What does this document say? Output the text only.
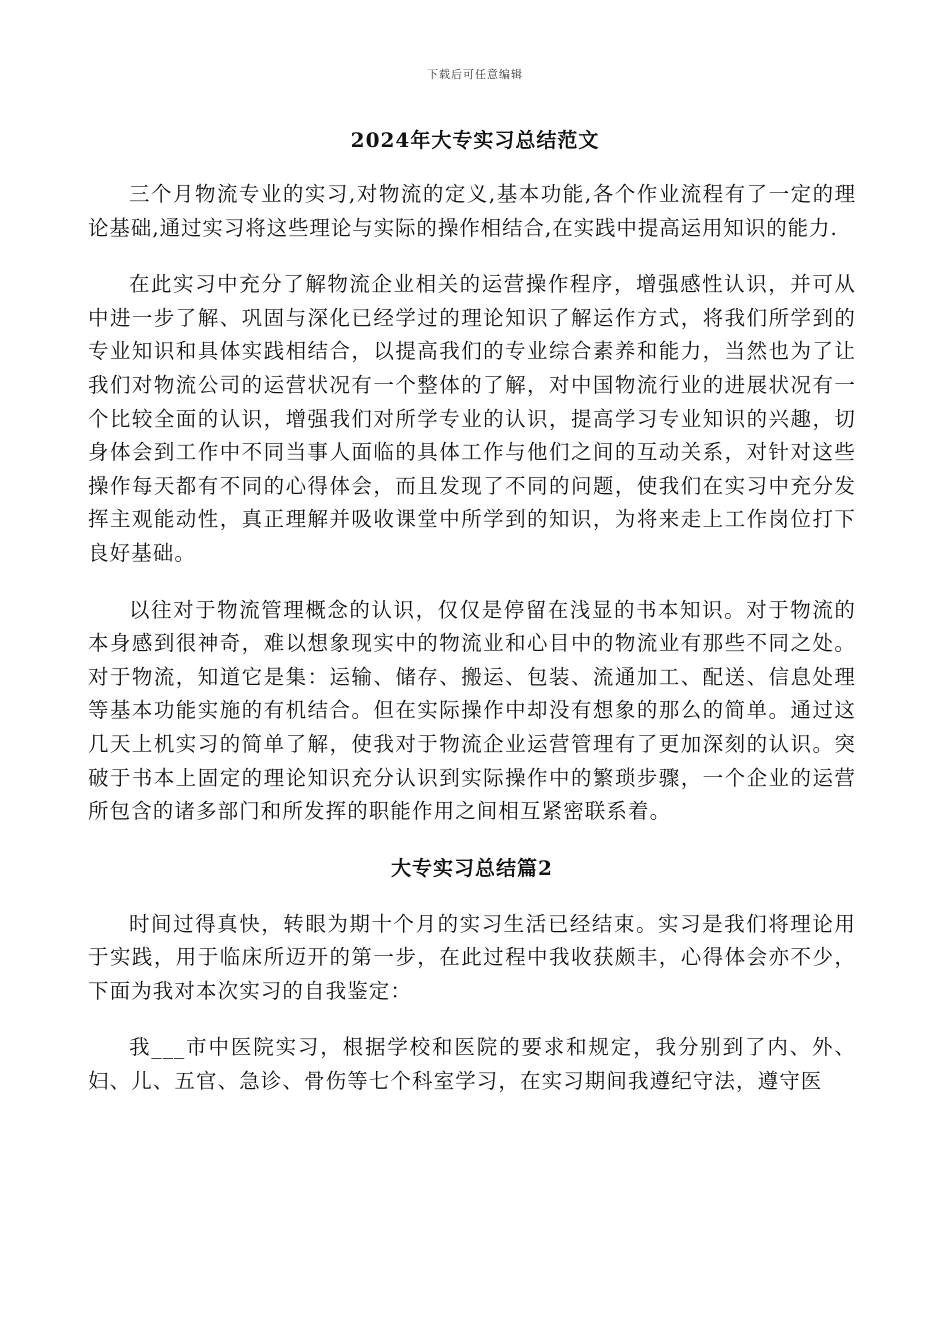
下载后可任意编辑
2024年大专实习总结范文

三个月物流专业的实习,对物流的定义,基本功能,各个作业流程有了一定的理论基础,通过实习将这些理论与实际的操作相结合,在实践中提高运用知识的能力.

在此实习中充分了解物流企业相关的运营操作程序，增强感性认识，并可从中进一步了解、巩固与深化已经学过的理论知识了解运作方式，将我们所学到的专业知识和具体实践相结合，以提高我们的专业综合素养和能力，当然也为了让我们对物流公司的运营状况有一个整体的了解，对中国物流行业的进展状况有一个比较全面的认识，增强我们对所学专业的认识，提高学习专业知识的兴趣，切身体会到工作中不同当事人面临的具体工作与他们之间的互动关系，对针对这些操作每天都有不同的心得体会，而且发现了不同的问题，使我们在实习中充分发挥主观能动性，真正理解并吸收课堂中所学到的知识，为将来走上工作岗位打下良好基础。

以往对于物流管理概念的认识，仅仅是停留在浅显的书本知识。对于物流的本身感到很神奇，难以想象现实中的物流业和心目中的物流业有那些不同之处。对于物流，知道它是集：运输、储存、搬运、包装、流通加工、配送、信息处理等基本功能实施的有机结合。但在实际操作中却没有想象的那么的简单。通过这几天上机实习的简单了解，使我对于物流企业运营管理有了更加深刻的认识。突破于书本上固定的理论知识充分认识到实际操作中的繁琐步骤，一个企业的运营所包含的诸多部门和所发挥的职能作用之间相互紧密联系着。

大专实习总结篇2

时间过得真快，转眼为期十个月的实习生活已经结束。实习是我们将理论用于实践，用于临床所迈开的第一步，在此过程中我收获颇丰，心得体会亦不少，下面为我对本次实习的自我鉴定：

我___市中医院实习，根据学校和医院的要求和规定，我分别到了内、外、妇、儿、五官、急诊、骨伤等七个科室学习，在实习期间我遵纪守法，遵守医
